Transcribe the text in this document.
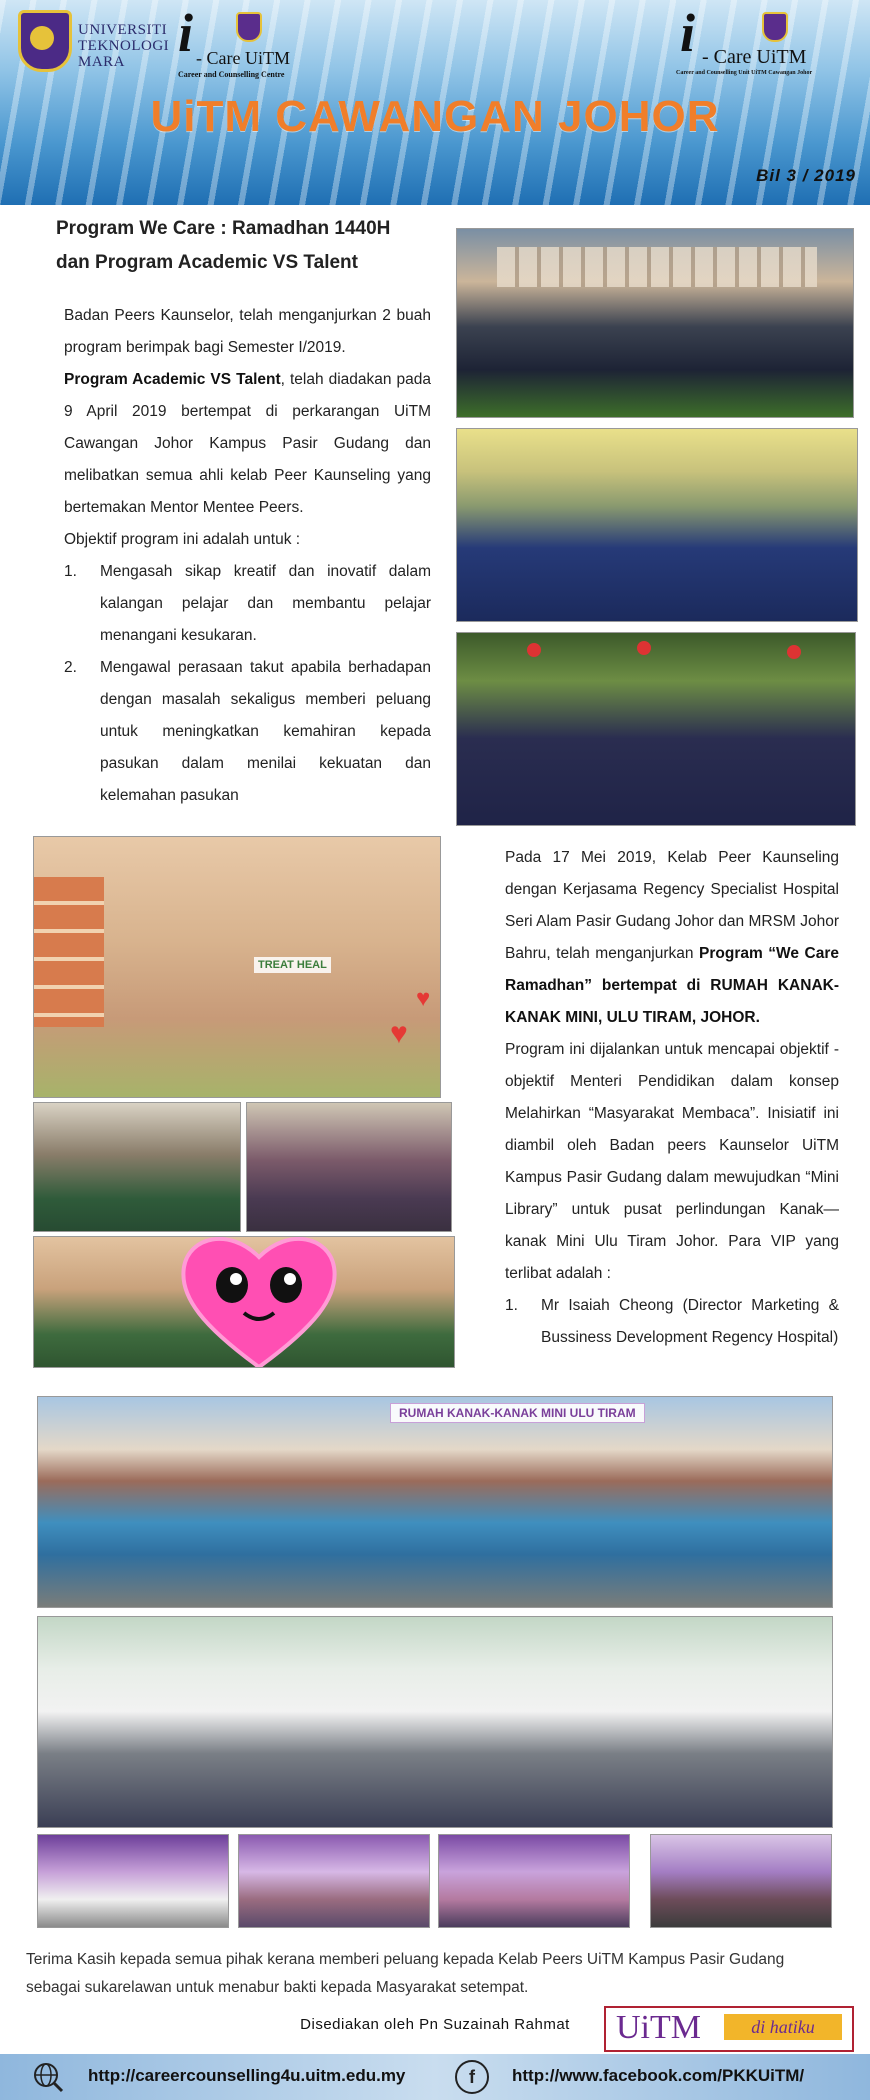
UNIVERSITI
TEKNOLOGI
MARA i - Care UiTM
Career and Counselling Centre
i - Care UiTM
Career and Counselling Unit UiTM Cawangan Johor
UiTM CAWANGAN JOHOR
Bil 3 / 2019
Program We Care : Ramadhan 1440H
dan Program Academic VS Talent
Badan Peers Kaunselor, telah menganjurkan 2 buah program berimpak bagi Semester I/2019.
Program Academic VS Talent, telah diadakan pada 9 April 2019 bertempat di perkarangan UiTM Cawangan Johor Kampus Pasir Gudang dan melibatkan semua ahli kelab Peer Kaunseling yang bertemakan Mentor Mentee Peers.
Objektif program ini adalah untuk :
1. Mengasah sikap kreatif dan inovatif dalam kalangan pelajar dan membantu pelajar menangani kesukaran.
2. Mengawal perasaan takut apabila berhadapan dengan masalah sekaligus memberi peluang untuk meningkatkan kemahiran kepada pasukan dalam menilai kekuatan dan kelemahan pasukan
TREAT HEAL
♥
♥
Pada 17 Mei 2019, Kelab Peer Kaunseling dengan Kerjasama Regency Specialist Hospital Seri Alam Pasir Gudang Johor dan MRSM Johor Bahru, telah menganjurkan Program “We Care Ramadhan” bertempat di RUMAH KANAK-KANAK MINI, ULU TIRAM, JOHOR.
Program ini dijalankan untuk mencapai objektif - objektif Menteri Pendidikan dalam konsep Melahirkan “Masyarakat Membaca”. Inisiatif ini diambil oleh Badan peers Kaunselor UiTM Kampus Pasir Gudang dalam mewujudkan “Mini Library” untuk pusat perlindungan Kanak—kanak Mini Ulu Tiram Johor. Para VIP yang terlibat adalah :
1. Mr Isaiah Cheong (Director Marketing & Bussiness Development Regency Hospital)
RUMAH KANAK-KANAK MINI ULU TIRAM
Terima Kasih kepada semua pihak kerana memberi peluang kepada Kelab Peers UiTM Kampus Pasir Gudang sebagai sukarelawan untuk menabur bakti kepada Masyarakat setempat.
Disediakan oleh Pn Suzainah Rahmat	UiTM	di hatiku
http://careercounselling4u.uitm.edu.my	f	http://www.facebook.com/PKKUiTM/
